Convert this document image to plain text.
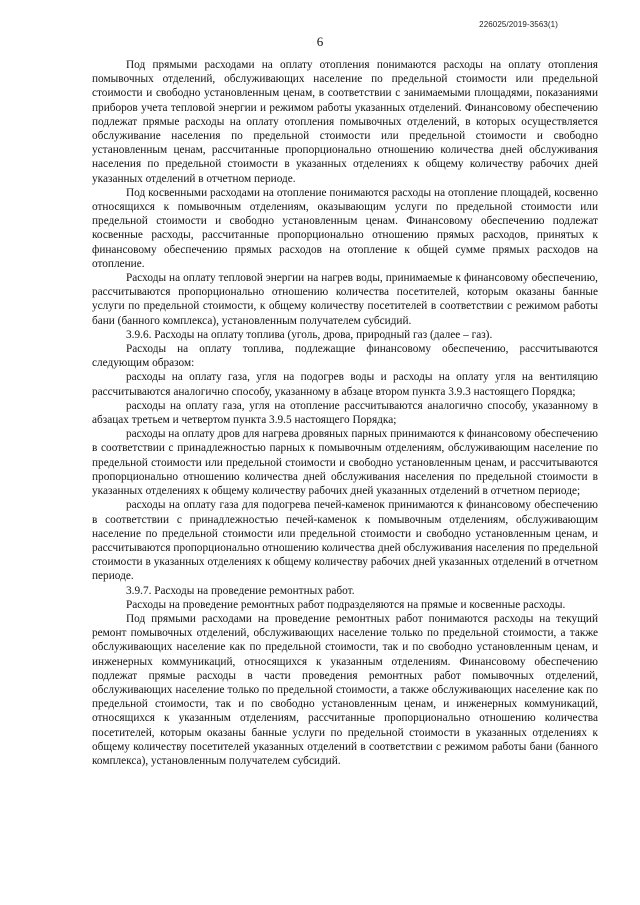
226025/2019-3563(1)
6

Под прямыми расходами на оплату отопления понимаются расходы на оплату отопления помывочных отделений, обслуживающих население по предельной стоимости или предельной стоимости и свободно установленным ценам, в соответствии с занимаемыми площадями, показаниями приборов учета тепловой энергии и режимом работы указанных отделений. Финансовому обеспечению подлежат прямые расходы на оплату отопления помывочных отделений, в которых осуществляется обслуживание населения по предельной стоимости или предельной стоимости и свободно установленным ценам, рассчитанные пропорционально отношению количества дней обслуживания населения по предельной стоимости в указанных отделениях к общему количеству рабочих дней указанных отделений в отчетном периоде.

Под косвенными расходами на отопление понимаются расходы на отопление площадей, косвенно относящихся к помывочным отделениям, оказывающим услуги по предельной стоимости или предельной стоимости и свободно установленным ценам. Финансовому обеспечению подлежат косвенные расходы, рассчитанные пропорционально отношению прямых расходов, принятых к финансовому обеспечению прямых расходов на отопление к общей сумме прямых расходов на отопление.

Расходы на оплату тепловой энергии на нагрев воды, принимаемые к финансовому обеспечению, рассчитываются пропорционально отношению количества посетителей, которым оказаны банные услуги по предельной стоимости, к общему количеству посетителей в соответствии с режимом работы бани (банного комплекса), установленным получателем субсидий.

3.9.6. Расходы на оплату топлива (уголь, дрова, природный газ (далее – газ).

Расходы на оплату топлива, подлежащие финансовому обеспечению, рассчитываются следующим образом:

расходы на оплату газа, угля на подогрев воды и расходы на оплату угля на вентиляцию рассчитываются аналогично способу, указанному в абзаце втором пункта 3.9.3 настоящего Порядка;

расходы на оплату газа, угля на отопление рассчитываются аналогично способу, указанному в абзацах третьем и четвертом пункта 3.9.5 настоящего Порядка;

расходы на оплату дров для нагрева дровяных парных принимаются к финансовому обеспечению в соответствии с принадлежностью парных к помывочным отделениям, обслуживающим население по предельной стоимости или предельной стоимости и свободно установленным ценам, и рассчитываются пропорционально отношению количества дней обслуживания населения по предельной стоимости в указанных отделениях к общему количеству рабочих дней указанных отделений в отчетном периоде;

расходы на оплату газа для подогрева печей-каменок принимаются к финансовому обеспечению в соответствии с принадлежностью печей-каменок к помывочным отделениям, обслуживающим население по предельной стоимости или предельной стоимости и свободно установленным ценам, и рассчитываются пропорционально отношению количества дней обслуживания населения по предельной стоимости в указанных отделениях к общему количеству рабочих дней указанных отделений в отчетном периоде.

3.9.7. Расходы на проведение ремонтных работ.

Расходы на проведение ремонтных работ подразделяются на прямые и косвенные расходы.

Под прямыми расходами на проведение ремонтных работ понимаются расходы на текущий ремонт помывочных отделений, обслуживающих население только по предельной стоимости, а также обслуживающих население как по предельной стоимости, так и по свободно установленным ценам, и инженерных коммуникаций, относящихся к указанным отделениям. Финансовому обеспечению подлежат прямые расходы в части проведения ремонтных работ помывочных отделений, обслуживающих население только по предельной стоимости, а также обслуживающих население как по предельной стоимости, так и по свободно установленным ценам, и инженерных коммуникаций, относящихся к указанным отделениям, рассчитанные пропорционально отношению количества посетителей, которым оказаны банные услуги по предельной стоимости в указанных отделениях к общему количеству посетителей указанных отделений в соответствии с режимом работы бани (банного комплекса), установленным получателем субсидий.
